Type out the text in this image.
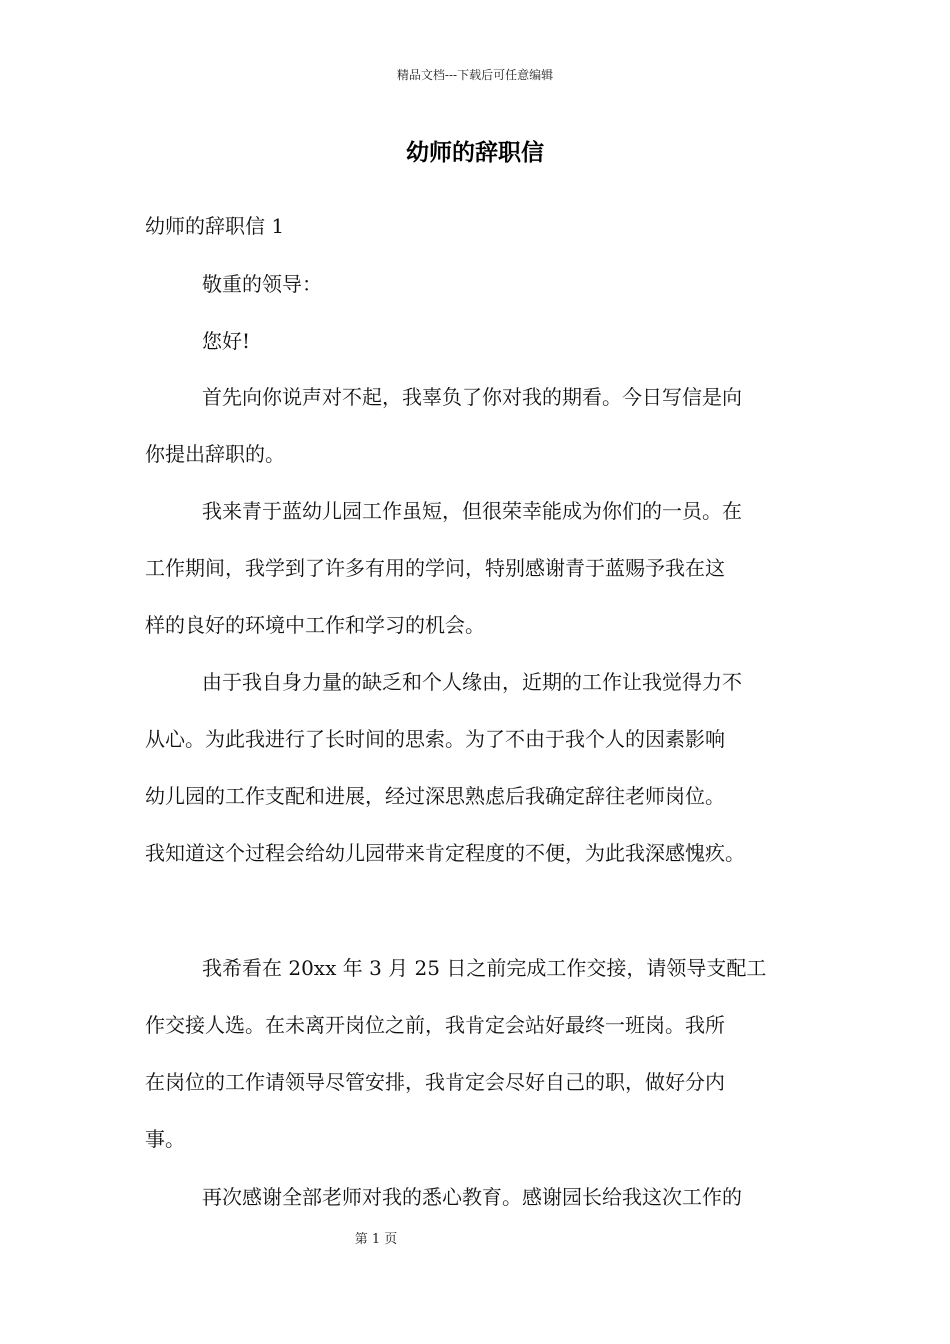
精品文档---下载后可任意编辑
幼师的辞职信
幼师的辞职信 1
敬重的领导：
您好!
首先向你说声对不起，我辜负了你对我的期看。今日写信是向
你提出辞职的。
我来青于蓝幼儿园工作虽短，但很荣幸能成为你们的一员。在
工作期间，我学到了许多有用的学问，特别感谢青于蓝赐予我在这
样的良好的环境中工作和学习的机会。
由于我自身力量的缺乏和个人缘由，近期的工作让我觉得力不
从心。为此我进行了长时间的思索。为了不由于我个人的因素影响
幼儿园的工作支配和进展，经过深思熟虑后我确定辞往老师岗位。
我知道这个过程会给幼儿园带来肯定程度的不便，为此我深感愧疚。
我希看在 20xx 年 3 月 25 日之前完成工作交接，请领导支配工
作交接人选。在未离开岗位之前，我肯定会站好最终一班岗。我所
在岗位的工作请领导尽管安排，我肯定会尽好自己的职，做好分内
事。
再次感谢全部老师对我的悉心教育。感谢园长给我这次工作的
第 1 页
